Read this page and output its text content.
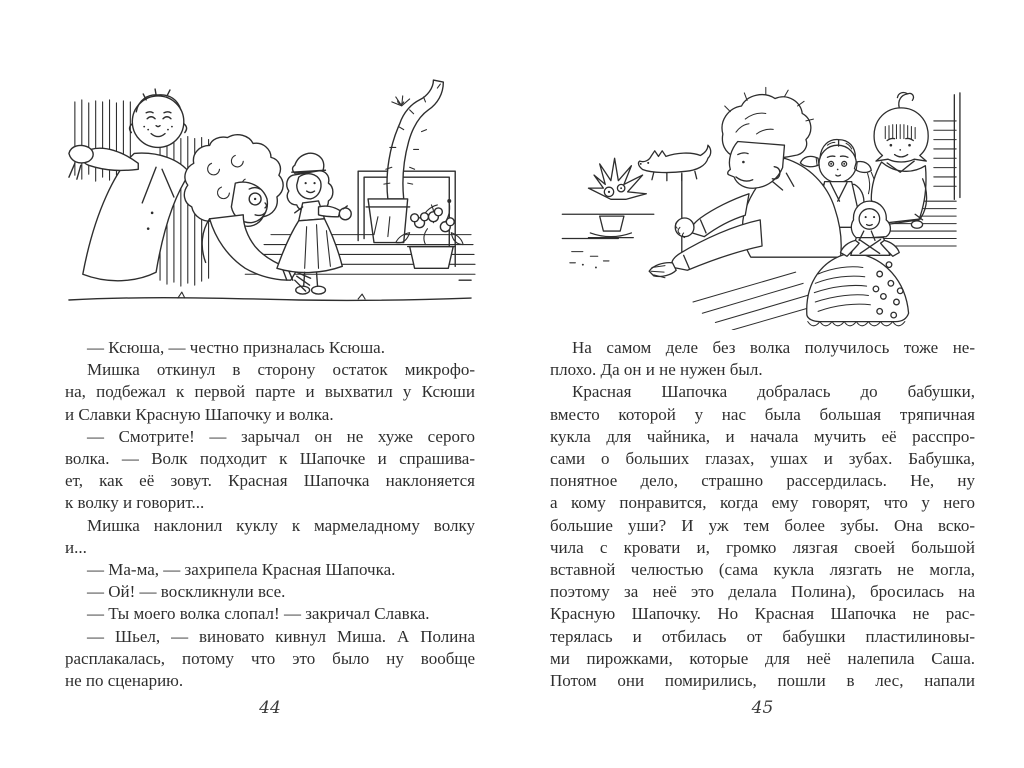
— Ксюша, — честно призналась Ксюша.
Мишка откинул в сторону остаток микрофо-
на, подбежал к первой парте и выхватил у Ксюши
и Славки Красную Шапочку и волка.
— Смотрите! — зарычал он не хуже серого
волка. — Волк подходит к Шапочке и спрашива-
ет, как её зовут. Красная Шапочка наклоняется
к волку и говорит...
Мишка наклонил куклу к мармеладному волку
и...
— Ма-ма, — захрипела Красная Шапочка.
— Ой! — воскликнули все.
— Ты моего волка слопал! — закричал Славка.
— Шьел, — виновато кивнул Миша. А Полина
расплакалась, потому что это было ну вообще
не по сценарию.
44
На самом деле без волка получилось тоже не-
плохо. Да он и не нужен был.
Красная Шапочка добралась до бабушки,
вместо которой у нас была большая тряпичная
кукла для чайника, и начала мучить её расспро-
сами о больших глазах, ушах и зубах. Бабушка,
понятное дело, страшно рассердилась. Не, ну
а кому понравится, когда ему говорят, что у него
большие уши? И уж тем более зубы. Она вско-
чила с кровати и, громко лязгая своей большой
вставной челюстью (сама кукла лязгать не могла,
поэтому за неё это делала Полина), бросилась на
Красную Шапочку. Но Красная Шапочка не рас-
терялась и отбилась от бабушки пластилиновы-
ми пирожками, которые для неё налепила Саша.
Потом они помирились, пошли в лес, напали
45
